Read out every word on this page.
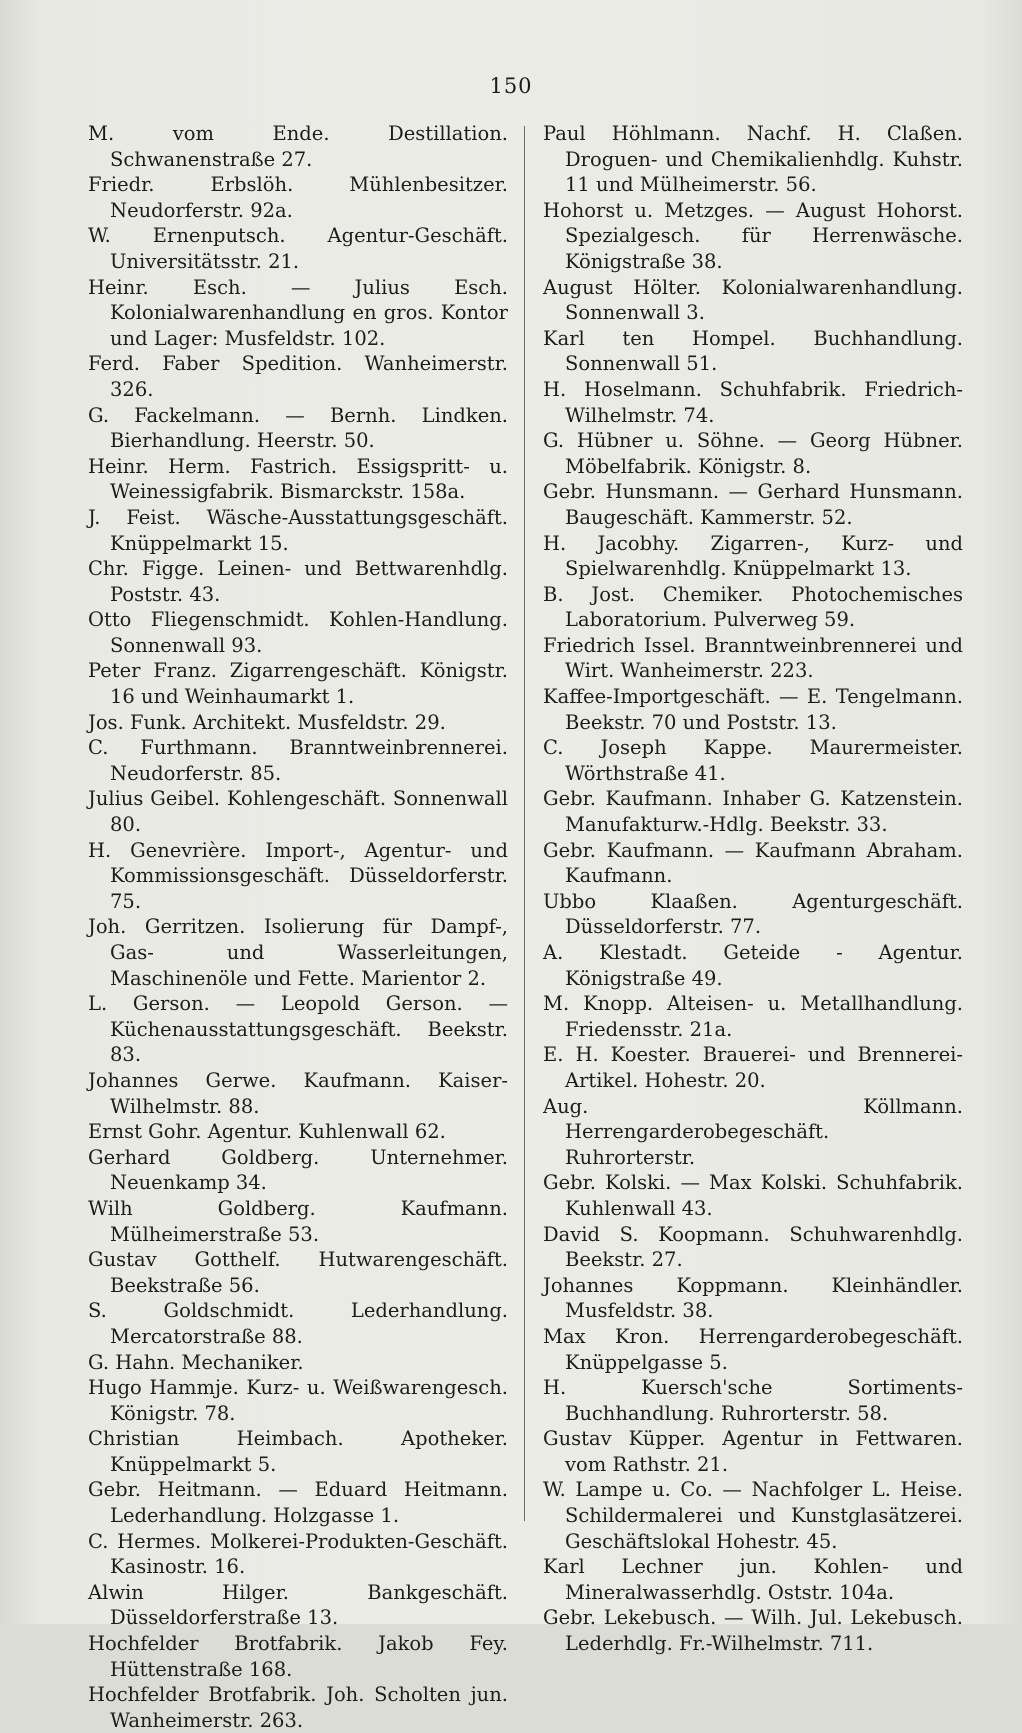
150

M. vom Ende. Destillation. Schwanenstraße 27.

Friedr. Erbslöh. Mühlenbesitzer. Neudorferstr. 92a.

W. Ernenputsch. Agentur-Geschäft. Universitätsstr. 21.

Heinr. Esch. — Julius Esch. Kolonialwarenhandlung en gros. Kontor und Lager: Musfeldstr. 102.

Ferd. Faber Spedition. Wanheimerstr. 326.

G. Fackelmann. — Bernh. Lindken. Bierhandlung. Heerstr. 50.

Heinr. Herm. Fastrich. Essigspritt- u. Weinessigfabrik. Bismarckstr. 158a.

J. Feist. Wäsche-Ausstattungsgeschäft. Knüppelmarkt 15.

Chr. Figge. Leinen- und Bettwarenhdlg. Poststr. 43.

Otto Fliegenschmidt. Kohlen-Handlung. Sonnenwall 93.

Peter Franz. Zigarrengeschäft. Königstr. 16 und Weinhaumarkt 1.

Jos. Funk. Architekt. Musfeldstr. 29.

C. Furthmann. Branntweinbrennerei. Neudorferstr. 85.

Julius Geibel. Kohlengeschäft. Sonnenwall 80.

H. Genevrière. Import-, Agentur- und Kommissionsgeschäft. Düsseldorferstr. 75.

Joh. Gerritzen. Isolierung für Dampf-, Gas- und Wasserleitungen, Maschinenöle und Fette. Marientor 2.

L. Gerson. — Leopold Gerson. — Küchenausstattungsgeschäft. Beekstr. 83.

Johannes Gerwe. Kaufmann. Kaiser-Wilhelmstr. 88.

Ernst Gohr. Agentur. Kuhlenwall 62.

Gerhard Goldberg. Unternehmer. Neuenkamp 34.

Wilh Goldberg. Kaufmann. Mülheimerstraße 53.

Gustav Gotthelf. Hutwarengeschäft. Beekstraße 56.

S. Goldschmidt. Lederhandlung. Mercatorstraße 88.

G. Hahn. Mechaniker.

Hugo Hammje. Kurz- u. Weißwarengesch. Königstr. 78.

Christian Heimbach. Apotheker. Knüppelmarkt 5.

Gebr. Heitmann. — Eduard Heitmann. Lederhandlung. Holzgasse 1.

C. Hermes. Molkerei-Produkten-Geschäft. Kasinostr. 16.

Alwin Hilger. Bankgeschäft. Düsseldorferstraße 13.

Hochfelder Brotfabrik. Jakob Fey. Hüttenstraße 168.

Hochfelder Brotfabrik. Joh. Scholten jun. Wanheimerstr. 263.

Paul Höhlmann. Nachf. H. Claßen. Droguen- und Chemikalienhdlg. Kuhstr. 11 und Mülheimerstr. 56.

Hohorst u. Metzges. — August Hohorst. Spezialgesch. für Herrenwäsche. Königstraße 38.

August Hölter. Kolonialwarenhandlung. Sonnenwall 3.

Karl ten Hompel. Buchhandlung. Sonnenwall 51.

H. Hoselmann. Schuhfabrik. Friedrich-Wilhelmstr. 74.

G. Hübner u. Söhne. — Georg Hübner. Möbelfabrik. Königstr. 8.

Gebr. Hunsmann. — Gerhard Hunsmann. Baugeschäft. Kammerstr. 52.

H. Jacobhy. Zigarren-, Kurz- und Spielwarenhdlg. Knüppelmarkt 13.

B. Jost. Chemiker. Photochemisches Laboratorium. Pulverweg 59.

Friedrich Issel. Branntweinbrennerei und Wirt. Wanheimerstr. 223.

Kaffee-Importgeschäft. — E. Tengelmann. Beekstr. 70 und Poststr. 13.

C. Joseph Kappe. Maurermeister. Wörthstraße 41.

Gebr. Kaufmann. Inhaber G. Katzenstein. Manufakturw.-Hdlg. Beekstr. 33.

Gebr. Kaufmann. — Kaufmann Abraham. Kaufmann.

Ubbo Klaaßen. Agenturgeschäft. Düsseldorferstr. 77.

A. Klestadt. Geteide - Agentur. Königstraße 49.

M. Knopp. Alteisen- u. Metallhandlung. Friedensstr. 21a.

E. H. Koester. Brauerei- und Brennerei-Artikel. Hohestr. 20.

Aug. Köllmann. Herrengarderobegeschäft. Ruhrorterstr.

Gebr. Kolski. — Max Kolski. Schuhfabrik. Kuhlenwall 43.

David S. Koopmann. Schuhwarenhdlg. Beekstr. 27.

Johannes Koppmann. Kleinhändler. Musfeldstr. 38.

Max Kron. Herrengarderobegeschäft. Knüppelgasse 5.

H. Kuersch'sche Sortiments-Buchhandlung. Ruhrorterstr. 58.

Gustav Küpper. Agentur in Fettwaren. vom Rathstr. 21.

W. Lampe u. Co. — Nachfolger L. Heise. Schildermalerei und Kunstglasätzerei. Geschäftslokal Hohestr. 45.

Karl Lechner jun. Kohlen- und Mineralwasserhdlg. Oststr. 104a.

Gebr. Lekebusch. — Wilh. Jul. Lekebusch. Lederhdlg. Fr.-Wilhelmstr. 711.
